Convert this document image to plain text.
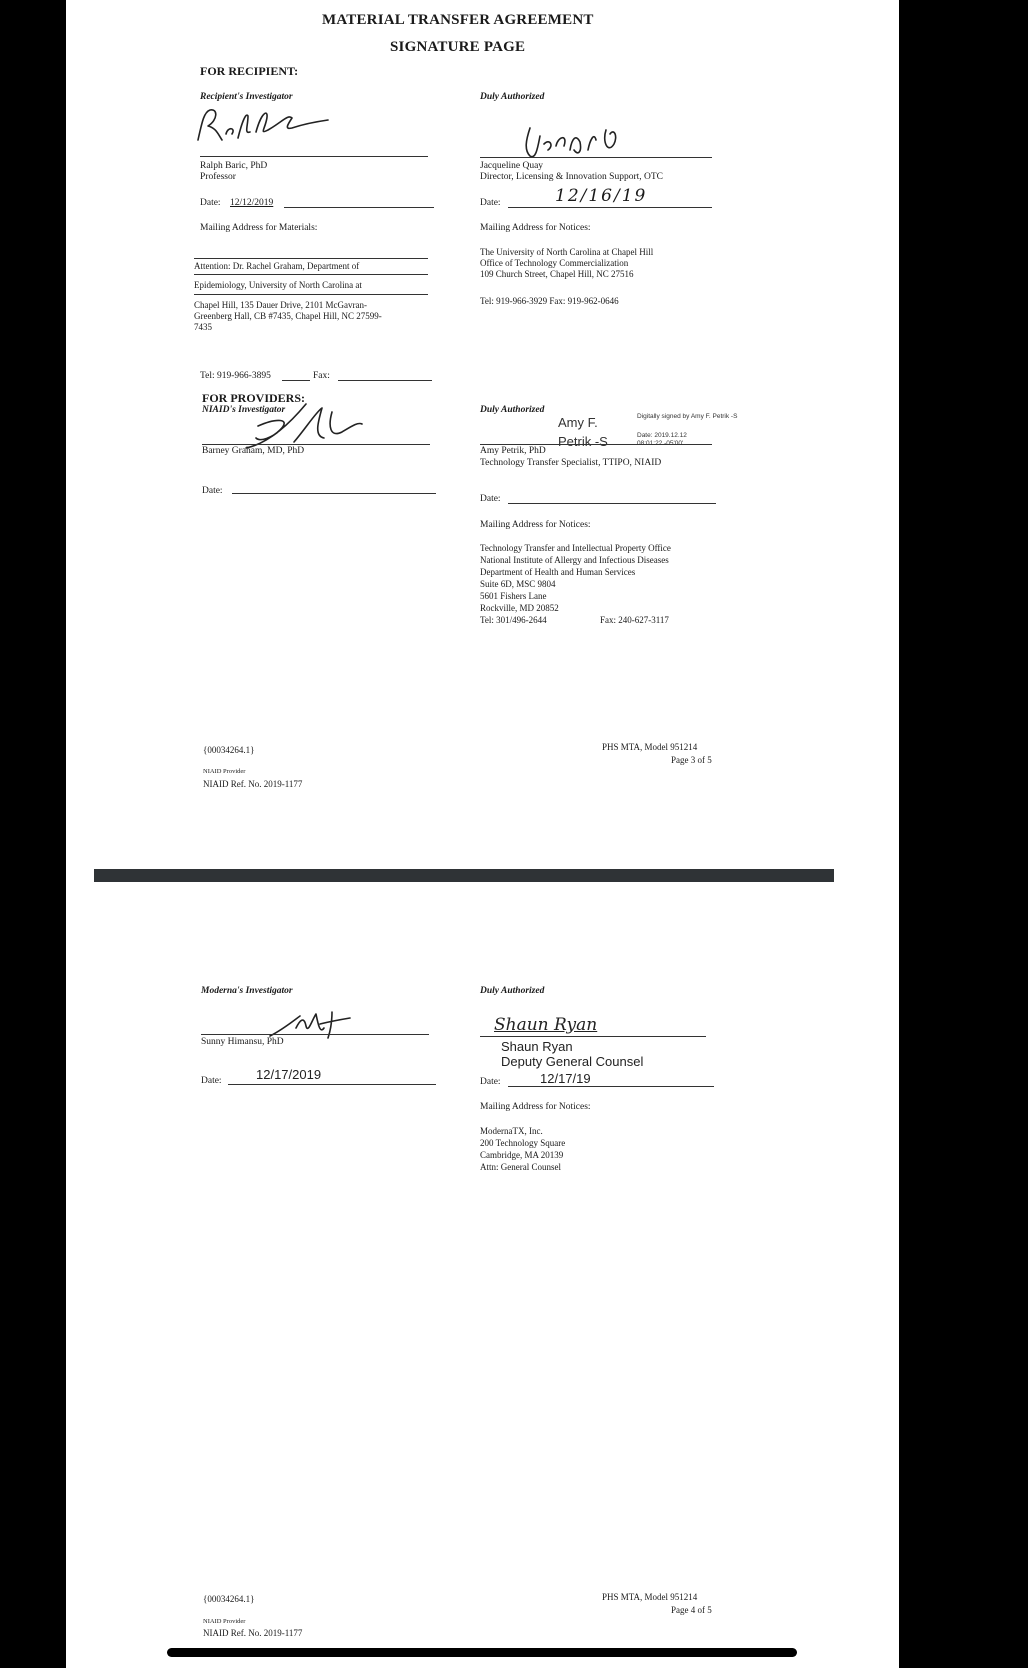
MATERIAL TRANSFER AGREEMENT
SIGNATURE PAGE
FOR RECIPIENT:
Recipient's Investigator
Ralph Baric, PhD
Professor
Date: 12/12/2019
Mailing Address for Materials:
Attention: Dr. Rachel Graham, Department of
Epidemiology, University of North Carolina at
Chapel Hill, 135 Dauer Drive, 2101 McGavran-
Greenberg Hall, CB #7435, Chapel Hill, NC 27599-
7435
Tel: 919-966-3895	Fax:
Duly Authorized
Jacqueline Quay
Director, Licensing & Innovation Support, OTC
Date:	12/16/19
Mailing Address for Notices:
The University of North Carolina at Chapel Hill
Office of Technology Commercialization
109 Church Street, Chapel Hill, NC 27516
Tel: 919-966-3929 Fax: 919-962-0646
FOR PROVIDERS:
NIAID's Investigator
Barney Graham, MD, PhD
Date:
Duly Authorized
Amy F.
Petrik -S
Digitally signed by Amy F. Petrik -S
Date: 2019.12.12
08:01:22 -05'00'
Amy Petrik, PhD
Technology Transfer Specialist, TTIPO, NIAID
Date:
Mailing Address for Notices:
Technology Transfer and Intellectual Property Office
National Institute of Allergy and Infectious Diseases
Department of Health and Human Services
Suite 6D, MSC 9804
5601 Fishers Lane
Rockville, MD 20852
Tel: 301/496-2644	Fax: 240-627-3117
{00034264.1}
NIAID Provider
NIAID Ref. No. 2019-1177
PHS MTA, Model 951214
Page 3 of 5
Moderna's Investigator
Sunny Himansu, PhD
Date:	12/17/2019
Duly Authorized
Shaun Ryan
Shaun Ryan
Deputy General Counsel
Date:	12/17/19
Mailing Address for Notices:
ModernaTX, Inc.
200 Technology Square
Cambridge, MA 20139
Attn: General Counsel
{00034264.1}
NIAID Provider
NIAID Ref. No. 2019-1177
PHS MTA, Model 951214
Page 4 of 5
